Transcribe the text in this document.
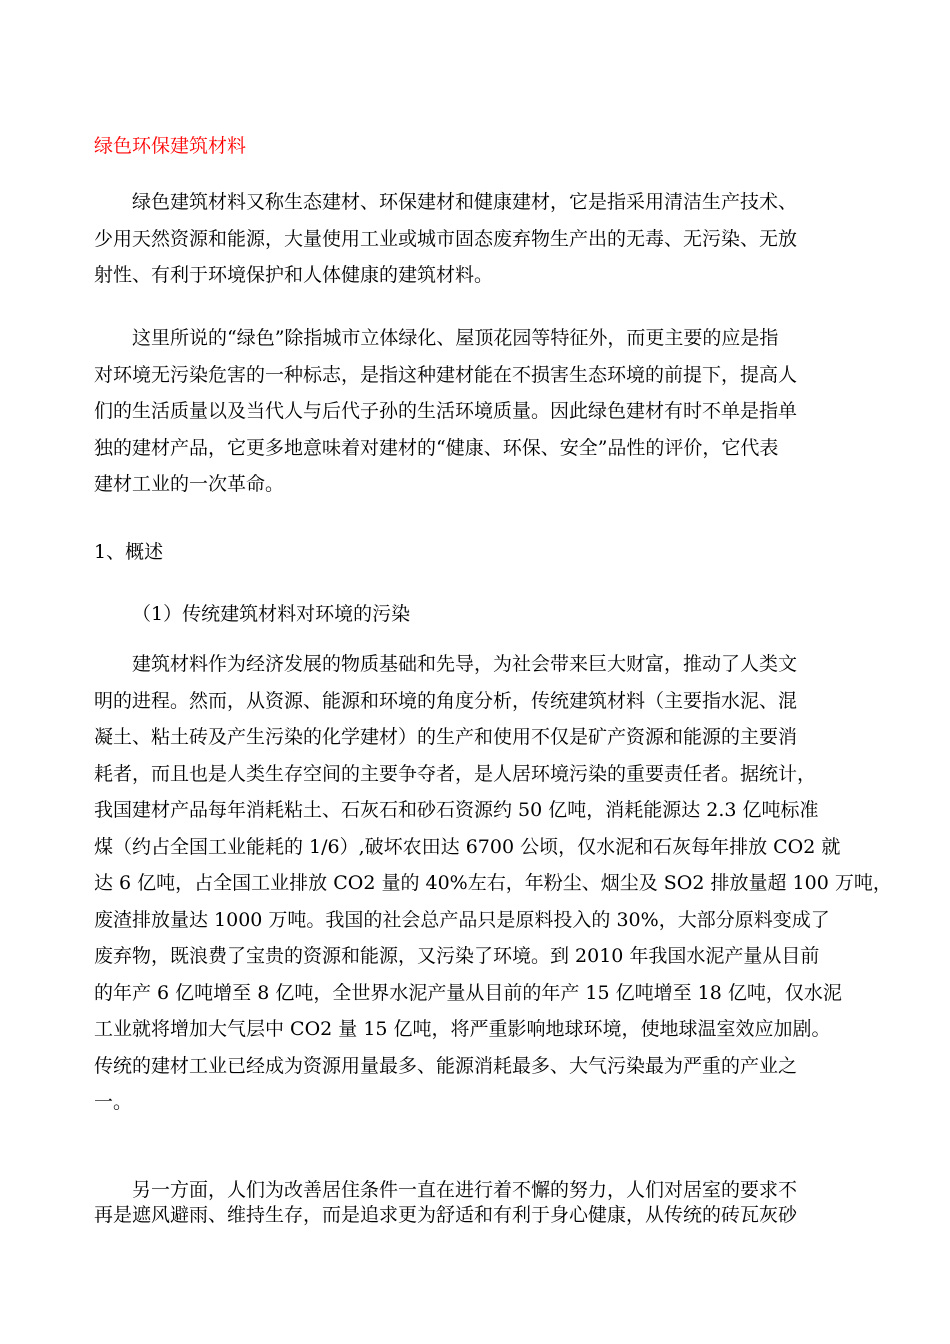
绿色环保建筑材料

　　绿色建筑材料又称生态建材、环保建材和健康建材，它是指采用清洁生产技术、
少用天然资源和能源，大量使用工业或城市固态废弃物生产出的无毒、无污染、无放
射性、有利于环境保护和人体健康的建筑材料。

　　这里所说的“绿色”除指城市立体绿化、屋顶花园等特征外，而更主要的应是指
对环境无污染危害的一种标志，是指这种建材能在不损害生态环境的前提下，提高人
们的生活质量以及当代人与后代子孙的生活环境质量。因此绿色建材有时不单是指单
独的建材产品，它更多地意味着对建材的“健康、环保、安全”品性的评价，它代表
建材工业的一次革命。

1、概述
（1）传统建筑材料对环境的污染

　　建筑材料作为经济发展的物质基础和先导，为社会带来巨大财富，推动了人类文
明的进程。然而，从资源、能源和环境的角度分析，传统建筑材料（主要指水泥、混
凝土、粘土砖及产生污染的化学建材）的生产和使用不仅是矿产资源和能源的主要消
耗者，而且也是人类生存空间的主要争夺者，是人居环境污染的重要责任者。据统计，
我国建材产品每年消耗粘土、石灰石和砂石资源约 50 亿吨，消耗能源达 2.3 亿吨标准
煤（约占全国工业能耗的 1/6）,破坏农田达 6700 公顷，仅水泥和石灰每年排放 CO2 就
达 6 亿吨，占全国工业排放 CO2 量的 40%左右，年粉尘、烟尘及 SO2 排放量超 100 万吨，
废渣排放量达 1000 万吨。我国的社会总产品只是原料投入的 30%，大部分原料变成了
废弃物，既浪费了宝贵的资源和能源，又污染了环境。到 2010 年我国水泥产量从目前
的年产 6 亿吨增至 8 亿吨，全世界水泥产量从目前的年产 15 亿吨增至 18 亿吨，仅水泥
工业就将增加大气层中 CO2 量 15 亿吨，将严重影响地球环境，使地球温室效应加剧。
传统的建材工业已经成为资源用量最多、能源消耗最多、大气污染最为严重的产业之
一。

　　另一方面，人们为改善居住条件一直在进行着不懈的努力，人们对居室的要求不
再是遮风避雨、维持生存，而是追求更为舒适和有利于身心健康，从传统的砖瓦灰砂
